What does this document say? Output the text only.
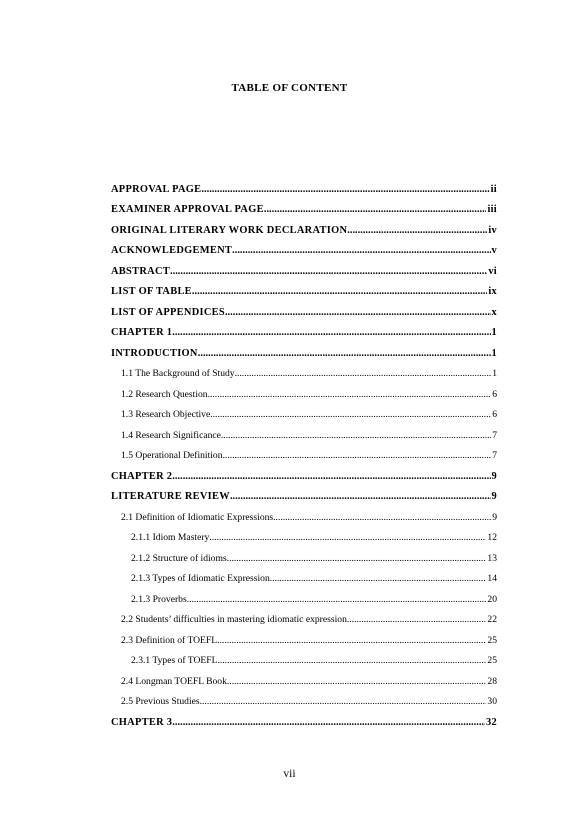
TABLE OF CONTENT
APPROVAL PAGE .....	ii
EXAMINER APPROVAL PAGE .....	iii
ORIGINAL LITERARY WORK DECLARATION .....	iv
ACKNOWLEDGEMENT .....	v
ABSTRACT .....	vi
LIST OF TABLE .....	ix
LIST OF APPENDICES .....	x
CHAPTER 1 .....	1
INTRODUCTION .....	1
1.1 The Background of Study .....	1
1.2 Research Question .....	6
1.3 Research Objective .....	6
1.4 Research Significance .....	7
1.5 Operational Definition .....	7
CHAPTER 2 .....	9
LITERATURE REVIEW .....	9
2.1 Definition of Idiomatic Expressions .....	9
2.1.1 Idiom Mastery .....	12
2.1.2 Structure of idioms .....	13
2.1.3 Types of Idiomatic Expression .....	14
2.1.3 Proverbs .....	20
2.2 Students’ difficulties in mastering idiomatic expression .....	22
2.3 Definition of TOEFL .....	25
2.3.1 Types of TOEFL .....	25
2.4 Longman TOEFL Book .....	28
2.5 Previous Studies .....	30
CHAPTER 3 .....	32
vii
